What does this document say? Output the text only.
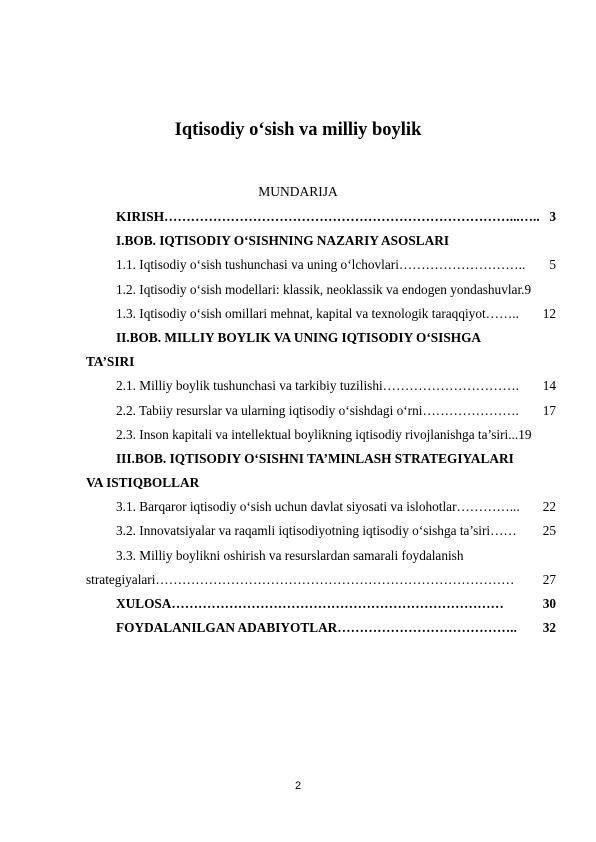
Iqtisodiy o‘sish va milliy boylik
MUNDARIJA
KIRISH ……………………………………………………………………...….. 3
I.BOB. IQTISODIY O‘SISHNING NAZARIY ASOSLARI
1.1. Iqtisodiy o‘sish tushunchasi va uning o‘lchovlari ………………………..	5
1.2. Iqtisodiy o‘sish modellari: klassik, neoklassik va endogen yondashuvlar. 9
1.3. Iqtisodiy o‘sish omillari mehnat, kapital va texnologik taraqqiyot ……..	12
II.BOB. MILLIY BOYLIK VA UNING IQTISODIY O‘SISHGA
TA’SIRI
2.1. Milliy boylik tushunchasi va tarkibiy tuzilishi ………………………….	14
2.2. Tabiiy resurslar va ularning iqtisodiy o‘sishdagi o‘rni ………………….	17
2.3. Inson kapitali va intellektual boylikning iqtisodiy rivojlanishga ta’siri... 19
III.BOB. IQTISODIY O‘SISHNI TA’MINLASH STRATEGIYALARI
VA ISTIQBOLLAR
3.1. Barqaror iqtisodiy o‘sish uchun davlat siyosati va islohotlar …………...	22
3.2. Innovatsiyalar va raqamli iqtisodiyotning iqtisodiy o‘sishga ta’siri ……	25
3.3. Milliy boylikni oshirish va resurslardan samarali foydalanish
strategiyalari ………………………………………………………………………	27
XULOSA …………………………………………………………………	30
FOYDALANILGAN ADABIYOTLAR …………………………………..	32
2
